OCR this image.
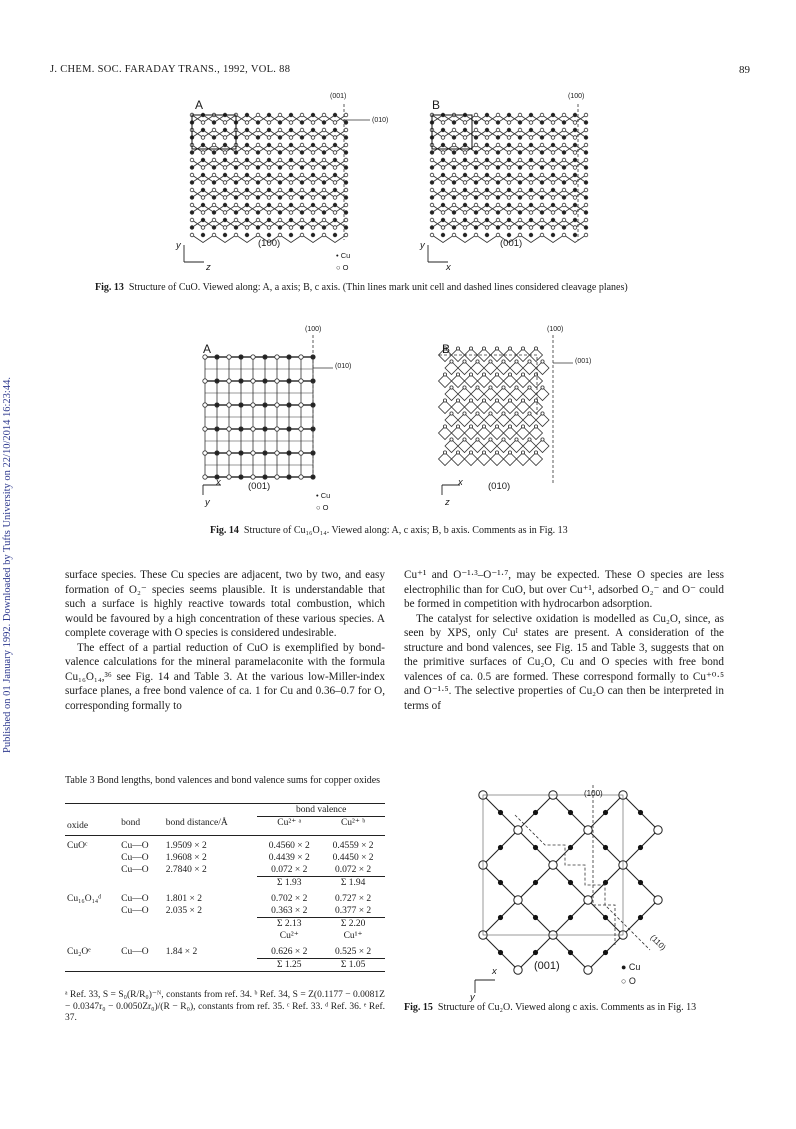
Published on 01 January 1992. Downloaded by Tufts University on 22/10/2014 16:23:44.
J. CHEM. SOC. FARADAY TRANS., 1992, VOL. 88	89
A	B
(001)
(010)
(100)
(100)
(001)
y
z
y
x
• Cu
○ O
Fig. 13 Structure of CuO. Viewed along: A, a axis; B, c axis. (Thin lines mark unit cell and dashed lines considered cleavage planes)
A	B
(100)
(010)
(001)
(100)
(001)
(010)
x
y
x
z
• Cu
○ O
Fig. 14 Structure of Cu₁₆O₁₄. Viewed along: A, c axis; B, b axis. Comments as in Fig. 13

surface species. These Cu species are adjacent, two by two, and easy formation of O₂⁻ species seems plausible. It is understandable that such a surface is highly reactive towards total combustion, which would be favoured by a high concentration of these various species. A complete coverage with O species is considered undesirable.

The effect of a partial reduction of CuO is exemplified by bond-valence calculations for the mineral paramelaconite with the formula Cu₁₆O₁₄,³⁶ see Fig. 14 and Table 3. At the various low-Miller-index surface planes, a free bond valence of ca. 1 for Cu and 0.36–0.7 for O, corresponding formally to

Cu⁺¹ and O⁻¹·³–O⁻¹·⁷, may be expected. These O species are less electrophilic than for CuO, but over Cu⁺¹, adsorbed O₂⁻ and O⁻ could be formed in competition with hydrocarbon adsorption.

The catalyst for selective oxidation is modelled as Cu₂O, since, as seen by XPS, only Cuᴵ states are present. A consideration of the structure and bond valences, see Fig. 15 and Table 3, suggests that on the primitive surfaces of Cu₂O, Cu and O species with free bond valences of ca. 0.5 are formed. These correspond formally to Cu⁺⁰·⁵ and O⁻¹·⁵. The selective properties of Cu₂O can then be interpreted in terms of

Table 3 Bond lengths, bond valences and bond valence sums for copper oxides
			bond valence	
oxide	bond	bond distance/Å	Cu²⁺ ᵃ	Cu²⁺ ᵇ
CuOᶜ	Cu—O	1.9509 × 2	0.4560 × 2	0.4559 × 2
	Cu—O	1.9608 × 2	0.4439 × 2	0.4450 × 2
	Cu—O	2.7840 × 2	0.072 × 2	0.072 × 2
			Σ 1.93	Σ 1.94
Cu₁₆O₁₄ᵈ	Cu—O	1.801 × 2	0.702 × 2	0.727 × 2
	Cu—O	2.035 × 2	0.363 × 2	0.377 × 2
			Σ 2.13	Σ 2.20
			Cu²⁺	Cu¹⁺
Cu₂Oᵉ	Cu—O	1.84 × 2	0.626 × 2	0.525 × 2
			Σ 1.25	Σ 1.05
ᵃ Ref. 33, S = S₀(R/R₀)⁻ᴺ, constants from ref. 34. ᵇ Ref. 34, S = Z(0.1177 − 0.0081Z − 0.0347r₀ − 0.0050Zr₀)/(R − R₀), constants from ref. 35. ᶜ Ref. 33. ᵈ Ref. 36. ᵉ Ref. 37.
(100)
(110)
(001)
x
y
● Cu
○ O
Fig. 15 Structure of Cu₂O. Viewed along c axis. Comments as in Fig. 13
